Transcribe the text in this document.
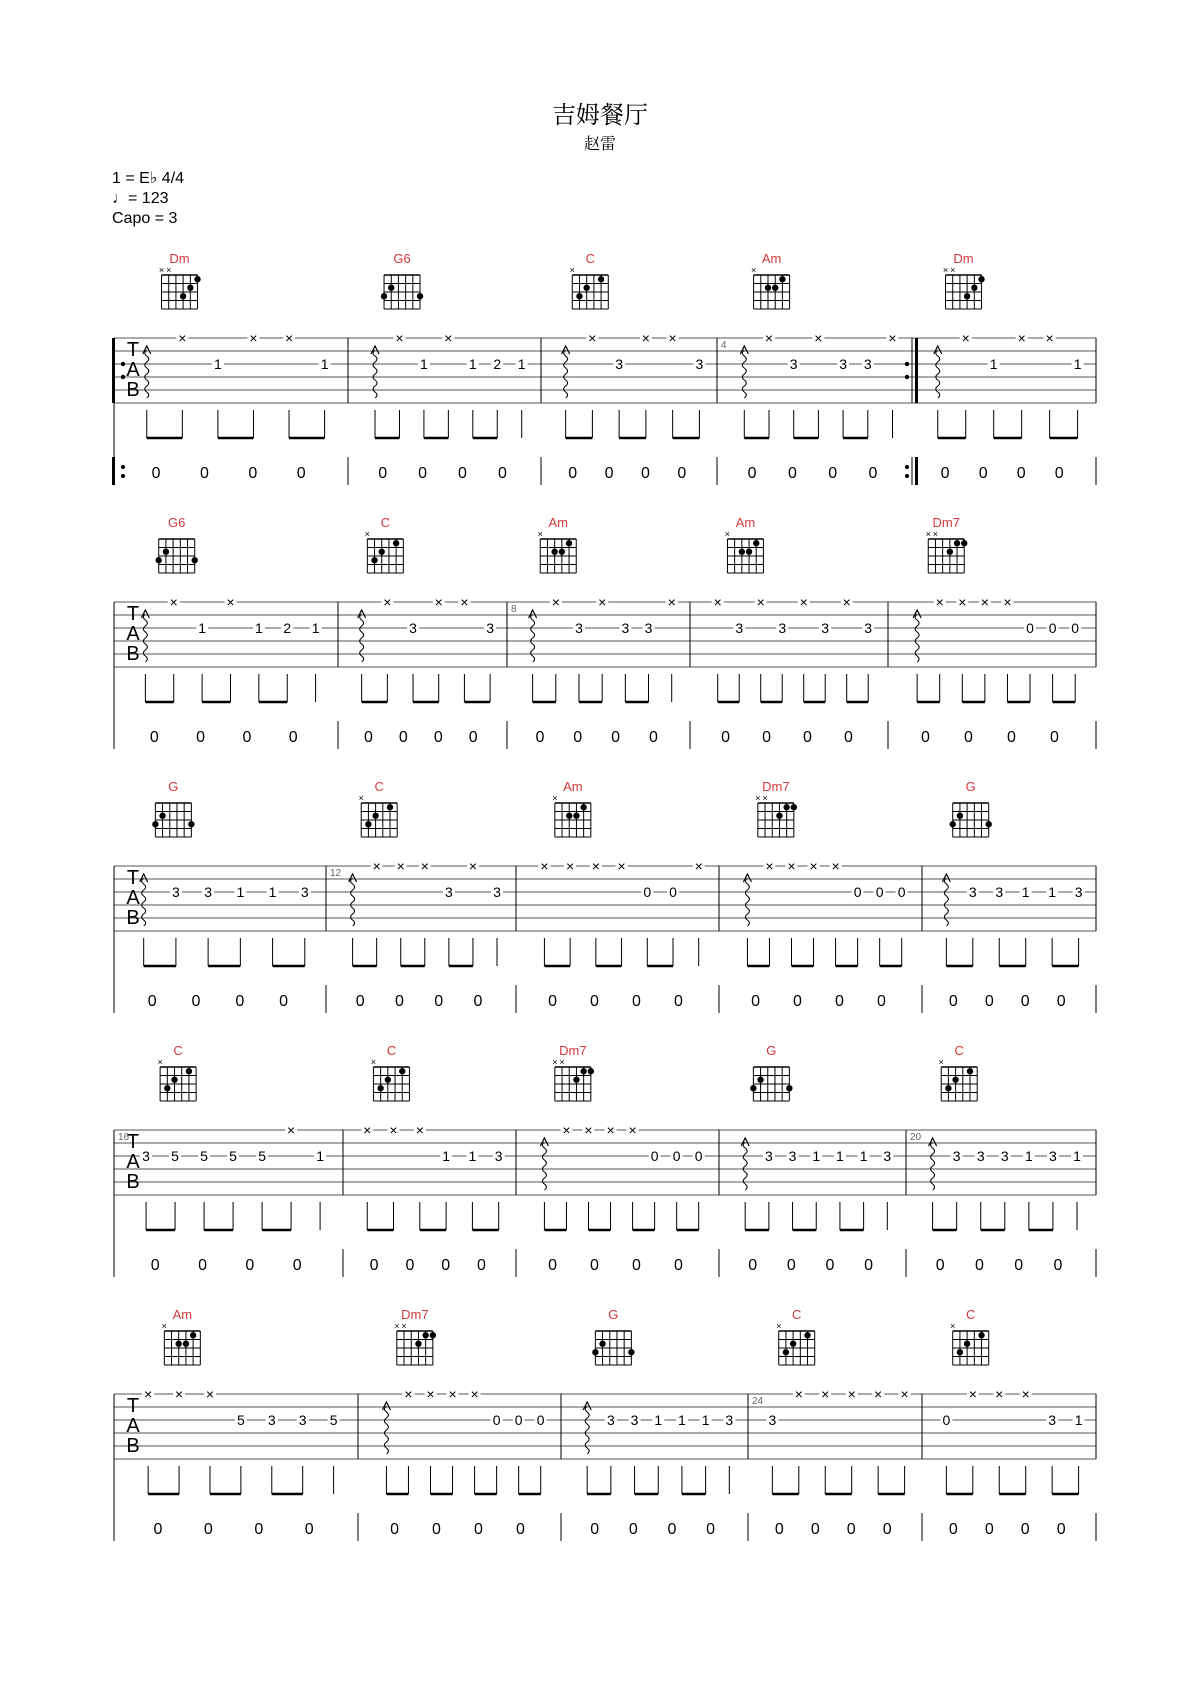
吉姆餐厅
赵雷
1 = E♭ 4/4
♩= 123
Capo = 3
T
A
B
Dm
× ×
↑ ×
1
× ×
1
0 0 0 0
G6
↑ ×
1
×
1 2 1
0 0 0 0
C
×
↑ ×
3
× ×
3
0 0 0 0
Am
×
4
↑ ×
3
×
3 3
×
0 0 0 0
Dm
× ×
↑ ×
1
× ×
1
0 0 0 0
T
A
B
G6
↑ ×
1
×
1 2 1
0 0 0 0
C
×
↑ ×
3
× ×
3
0 0 0 0
Am
×
8
↑ ×
3
×
3 3
×
0 0 0 0
Am
×
×
3
×
3
×
3
×
3
0 0 0 0
Dm7
× ×
↑ × × × ×
0 0 0
0 0 0 0
T
A
B
G
↑
3 3 1 1 3
0 0 0 0
C
×
12
↑ × × ×
3
×
3
0 0 0 0
Am
×
× × × ×
0 0
×
0 0 0 0
Dm7
× ×
↑ × × × ×
0 0 0
0 0 0 0
G
↑
3 3 1 1 3
0 0 0 0
T
A
B
C
×
16
3 5 5 5 5
×
1
0 0 0 0
C
×
× × ×
1 1 3
0 0 0 0
Dm7
× ×
↑ × × × ×
0 0 0
0 0 0 0
G
↑
3 3 1 1 1 3
0 0 0 0
C
×
20
↑
3 3 3 1 3 1
0 0 0 0
T
A
B
Am
×
× × ×
5 3 3 5
0	0	0	0
Dm7
× ×
↑ × × × ×
0 0 0
0 0 0 0
G
↑
3 3 1 1 1 3
0 0 0 0
C
×
24
3
× × × × ×
0 0 0 0
C
×
0
× × ×
3 1
0 0 0 0
